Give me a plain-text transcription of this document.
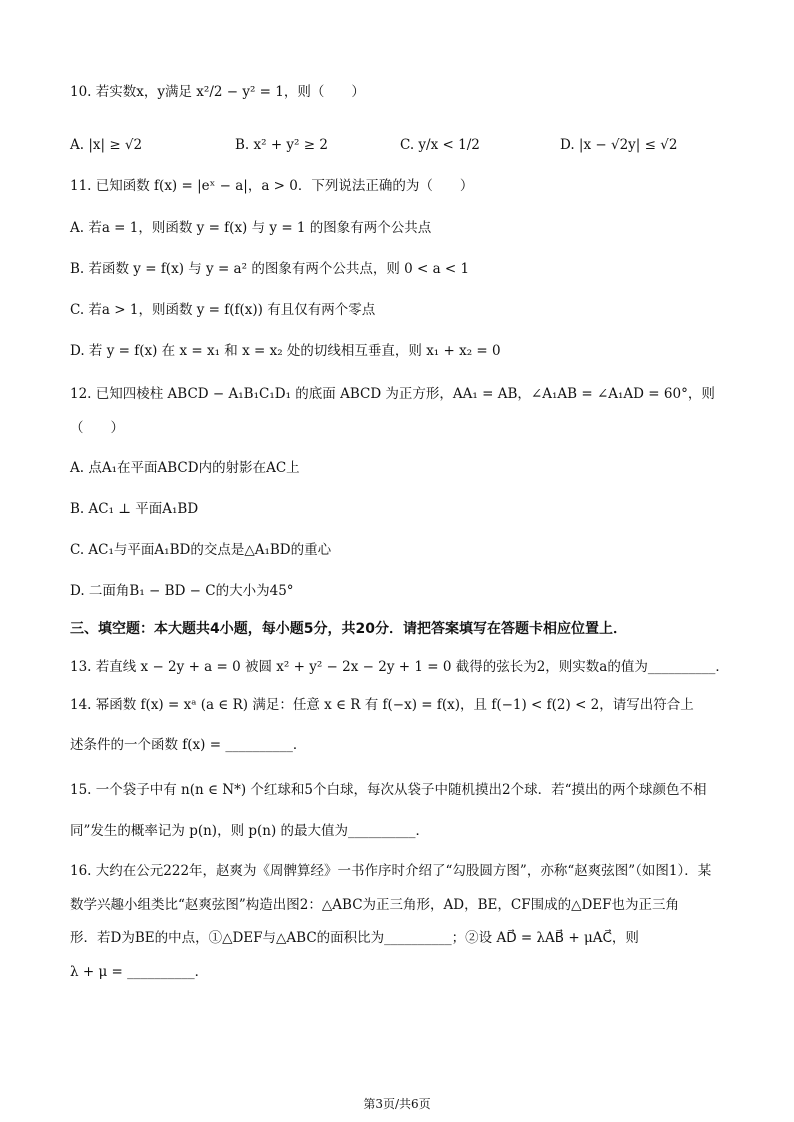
10. 若实数x，y满足 x²/2 − y² = 1，则（　　）
A. |x| ≥ √2	B. x² + y² ≥ 2	C. y/x < 1/2	D. |x − √2y| ≤ √2
11. 已知函数 f(x) = |eˣ − a|，a > 0．下列说法正确的为（　　）
A. 若a = 1，则函数 y = f(x) 与 y = 1 的图象有两个公共点
B. 若函数 y = f(x) 与 y = a² 的图象有两个公共点，则 0 < a < 1
C. 若a > 1，则函数 y = f(f(x)) 有且仅有两个零点
D. 若 y = f(x) 在 x = x₁ 和 x = x₂ 处的切线相互垂直，则 x₁ + x₂ = 0
12. 已知四棱柱 ABCD − A₁B₁C₁D₁ 的底面 ABCD 为正方形，AA₁ = AB，∠A₁AB = ∠A₁AD = 60°，则
（　　）
A. 点A₁在平面ABCD内的射影在AC上
B. AC₁ ⊥ 平面A₁BD
C. AC₁与平面A₁BD的交点是△A₁BD的重心
D. 二面角B₁ − BD − C的大小为45°
三、填空题：本大题共4小题，每小题5分，共20分．请把答案填写在答题卡相应位置上．
13. 若直线 x − 2y + a = 0 被圆 x² + y² − 2x − 2y + 1 = 0 截得的弦长为2，则实数a的值为__________．
14. 幂函数 f(x) = xᵃ (a ∈ R) 满足：任意 x ∈ R 有 f(−x) = f(x)，且 f(−1) < f(2) < 2，请写出符合上
述条件的一个函数 f(x) = __________．
15. 一个袋子中有 n(n ∈ N*) 个红球和5个白球，每次从袋子中随机摸出2个球．若“摸出的两个球颜色不相
同”发生的概率记为 p(n)，则 p(n) 的最大值为__________．
16. 大约在公元222年，赵爽为《周髀算经》一书作序时介绍了“勾股圆方图”，亦称“赵爽弦图”（如图1）．某
数学兴趣小组类比“赵爽弦图”构造出图2：△ABC为正三角形，AD，BE，CF围成的△DEF也为正三角
形．若D为BE的中点，①△DEF与△ABC的面积比为__________；②设 AD⃗ = λAB⃗ + μAC⃗，则
λ + μ = __________．
第3页/共6页
